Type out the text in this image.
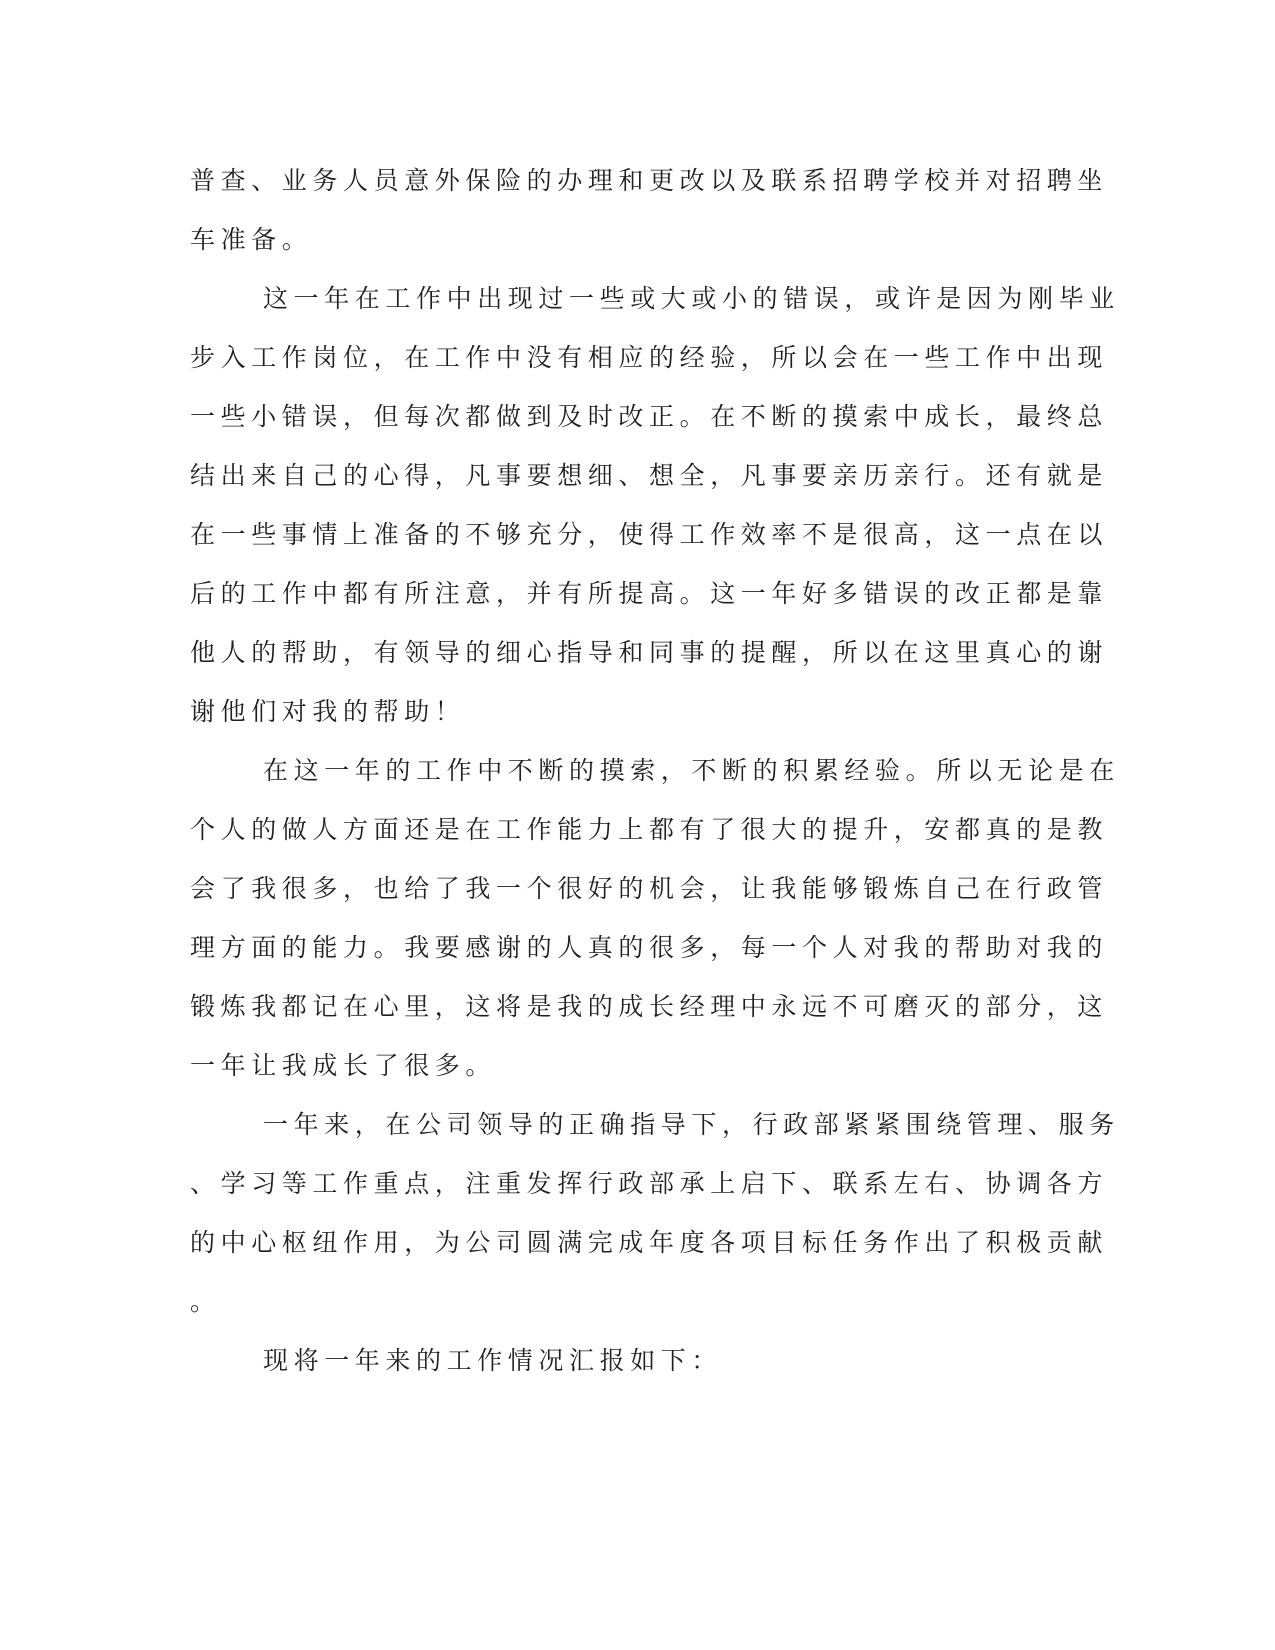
普查、业务人员意外保险的办理和更改以及联系招聘学校并对招聘坐
车准备。
这一年在工作中出现过一些或大或小的错误，或许是因为刚毕业
步入工作岗位，在工作中没有相应的经验，所以会在一些工作中出现
一些小错误，但每次都做到及时改正。在不断的摸索中成长，最终总
结出来自己的心得，凡事要想细、想全，凡事要亲历亲行。还有就是
在一些事情上准备的不够充分，使得工作效率不是很高，这一点在以
后的工作中都有所注意，并有所提高。这一年好多错误的改正都是靠
他人的帮助，有领导的细心指导和同事的提醒，所以在这里真心的谢
谢他们对我的帮助！
在这一年的工作中不断的摸索，不断的积累经验。所以无论是在
个人的做人方面还是在工作能力上都有了很大的提升，安都真的是教
会了我很多，也给了我一个很好的机会，让我能够锻炼自己在行政管
理方面的能力。我要感谢的人真的很多，每一个人对我的帮助对我的
锻炼我都记在心里，这将是我的成长经理中永远不可磨灭的部分，这
一年让我成长了很多。
一年来，在公司领导的正确指导下，行政部紧紧围绕管理、服务
、学习等工作重点，注重发挥行政部承上启下、联系左右、协调各方
的中心枢纽作用，为公司圆满完成年度各项目标任务作出了积极贡献
。
现将一年来的工作情况汇报如下：
